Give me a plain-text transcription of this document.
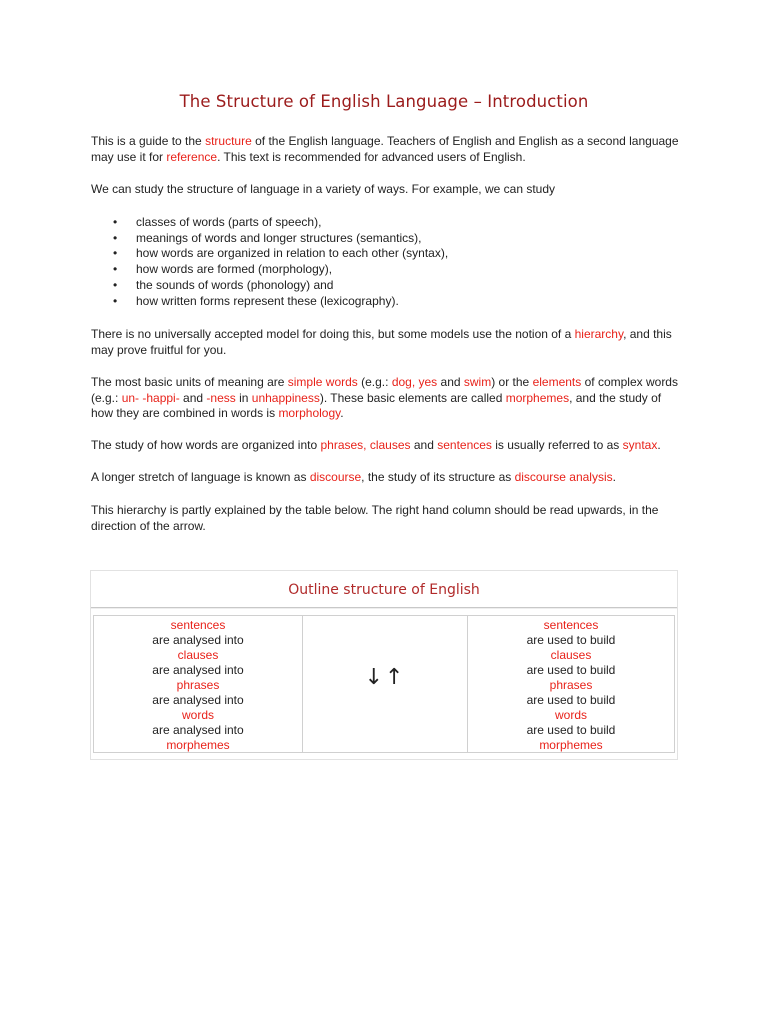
The Structure of English Language – Introduction
This is a guide to the structure of the English language. Teachers of English and English as a second language may use it for reference. This text is recommended for advanced users of English.
We can study the structure of language in a variety of ways. For example, we can study
• classes of words (parts of speech),
• meanings of words and longer structures (semantics),
• how words are organized in relation to each other (syntax),
• how words are formed (morphology),
• the sounds of words (phonology) and
• how written forms represent these (lexicography).
There is no universally accepted model for doing this, but some models use the notion of a hierarchy, and this may prove fruitful for you.
The most basic units of meaning are simple words (e.g.: dog, yes and swim) or the elements of complex words (e.g.: un- -happi- and -ness in unhappiness). These basic elements are called morphemes, and the study of how they are combined in words is morphology.
The study of how words are organized into phrases, clauses and sentences is usually referred to as syntax.
A longer stretch of language is known as discourse, the study of its structure as discourse analysis.
This hierarchy is partly explained by the table below. The right hand column should be read upwards, in the direction of the arrow.
Outline structure of English
sentences
are analysed into
clauses
are analysed into
phrases
are analysed into
words
are analysed into
morphemes
↓↑
sentences
are used to build
clauses
are used to build
phrases
are used to build
words
are used to build
morphemes
